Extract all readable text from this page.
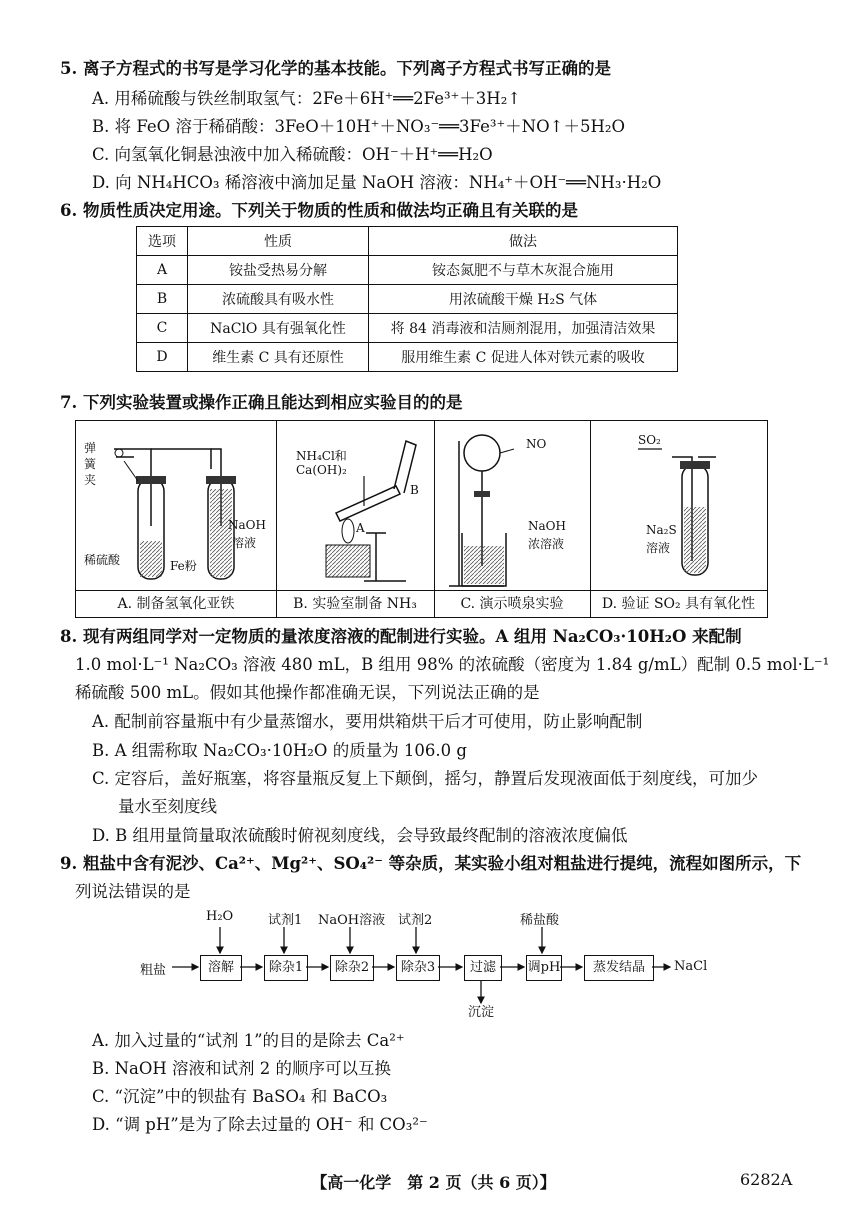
5. 离子方程式的书写是学习化学的基本技能。下列离子方程式书写正确的是
A. 用稀硫酸与铁丝制取氢气：2Fe＋6H⁺══2Fe³⁺＋3H₂↑
B. 将 FeO 溶于稀硝酸：3FeO＋10H⁺＋NO₃⁻══3Fe³⁺＋NO↑＋5H₂O
C. 向氢氧化铜悬浊液中加入稀硫酸：OH⁻＋H⁺══H₂O
D. 向 NH₄HCO₃ 稀溶液中滴加足量 NaOH 溶液：NH₄⁺＋OH⁻══NH₃·H₂O
6. 物质性质决定用途。下列关于物质的性质和做法均正确且有关联的是
选项	性质	做法
A	铵盐受热易分解	铵态氮肥不与草木灰混合施用
B	浓硫酸具有吸水性	用浓硫酸干燥 H₂S 气体
C	NaClO 具有强氧化性	将 84 消毒液和洁厕剂混用，加强清洁效果
D	维生素 C 具有还原性	服用维生素 C 促进人体对铁元素的吸收
7. 下列实验装置或操作正确且能达到相应实验目的的是
弹
簧
夹
NaOH
溶液
稀硫酸	Fe粉
A. 制备氢氧化亚铁
NH₄Cl和
Ca(OH)₂
A
B
B. 实验室制备 NH₃
NO
NaOH
浓溶液
C. 演示喷泉实验
SO₂
Na₂S
溶液
D. 验证 SO₂ 具有氧化性
8. 现有两组同学对一定物质的量浓度溶液的配制进行实验。A 组用 Na₂CO₃·10H₂O 来配制
1.0 mol·L⁻¹ Na₂CO₃ 溶液 480 mL，B 组用 98% 的浓硫酸（密度为 1.84 g/mL）配制 0.5 mol·L⁻¹
稀硫酸 500 mL。假如其他操作都准确无误，下列说法正确的是
A. 配制前容量瓶中有少量蒸馏水，要用烘箱烘干后才可使用，防止影响配制
B. A 组需称取 Na₂CO₃·10H₂O 的质量为 106.0 g
C. 定容后，盖好瓶塞，将容量瓶反复上下颠倒，摇匀，静置后发现液面低于刻度线，可加少
量水至刻度线
D. B 组用量筒量取浓硫酸时俯视刻度线，会导致最终配制的溶液浓度偏低
9. 粗盐中含有泥沙、Ca²⁺、Mg²⁺、SO₄²⁻ 等杂质，某实验小组对粗盐进行提纯，流程如图所示，下
列说法错误的是
粗盐	溶解	除杂1	除杂2	除杂3	过滤	调pH	蒸发结晶	NaCl
H₂O	试剂1 NaOH溶液 试剂2	稀盐酸
沉淀
A. 加入过量的“试剂 1”的目的是除去 Ca²⁺
B. NaOH 溶液和试剂 2 的顺序可以互换
C. “沉淀”中的钡盐有 BaSO₄ 和 BaCO₃
D. “调 pH”是为了除去过量的 OH⁻ 和 CO₃²⁻
【高一化学　第 2 页（共 6 页）】	6282A
